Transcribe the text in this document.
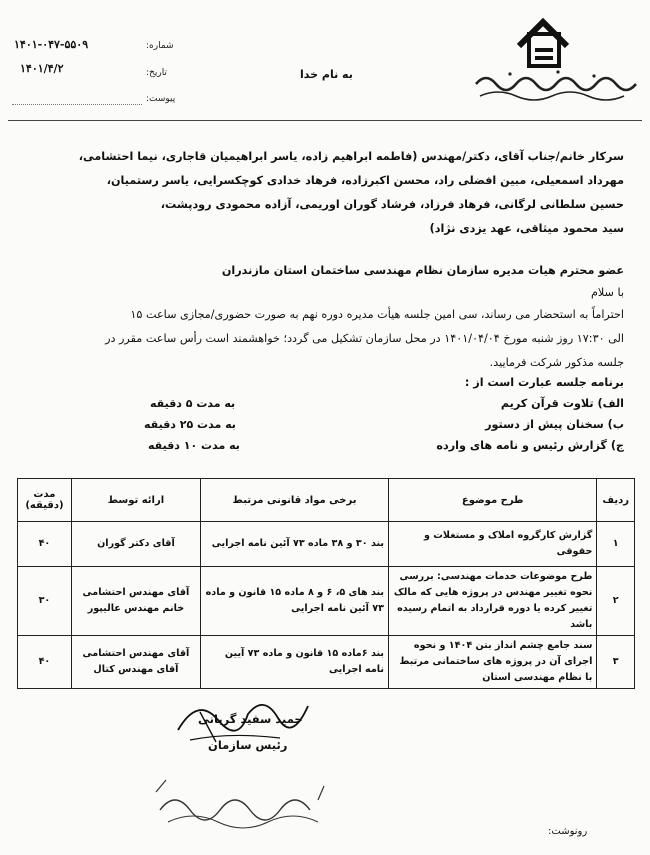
شماره:
۱۴۰۱-۰۴۷-۵۵۰۹
تاریخ:
۱۴۰۱/۴/۲
پیوست:
به نام خدا
سرکار خانم/جناب آقای، دکتر/مهندس (فاطمه ابراهیم زاده، یاسر ابراهیمیان قاجاری، نیما احتشامی،
مهرداد اسمعیلی، مبین افضلی راد، محسن اکبرزاده، فرهاد خدادی کوچکسرایی، یاسر رستمیان،
حسین سلطانی لرگانی، فرهاد فرزاد، فرشاد گوران اوریمی، آزاده محمودی رودپشت،
سید محمود میثاقی، عهد یزدی نژاد)
عضو محترم هیات مدیره سازمان نظام مهندسی ساختمان استان مازندران
با سلام
احتراماً به استحضار می رساند، سی امین جلسه هیأت مدیره دوره نهم به صورت حضوری/مجازی ساعت ۱۵
الی ۱۷:۳۰ روز شنبه مورخ ۱۴۰۱/۰۴/۰۴ در محل سازمان تشکیل می گردد؛ خواهشمند است رأس ساعت مقرر در
جلسه مذکور شرکت فرمایید.
برنامه جلسه عبارت است از :
الف) تلاوت قرآن کریم
به مدت ۵ دقیقه
ب) سخنان پیش از دستور
به مدت ۲۵ دقیقه
ج) گزارش رئیس و نامه های وارده
به مدت ۱۰ دقیقه
ردیف	طرح موضوع	برخی مواد قانونی مرتبط	ارائه توسط	مدت (دقیقه)
۱	گزارش کارگروه املاک و مستغلات و حقوقی	بند ۳۰ و ۳۸ ماده ۷۳ آئین نامه اجرایی	آقای دکتر گوران	۴۰
۲	طرح موضوعات خدمات مهندسی: بررسی نحوه تغییر مهندس در پروژه هایی که مالک تغییر کرده یا دوره قرارداد به اتمام رسیده باشد	بند های ۵، ۶ و ۸ ماده ۱۵ قانون و ماده ۷۳ آئین نامه اجرایی	آقای مهندس احتشامی خانم مهندس عالیپور	۳۰
۳	سند جامع چشم انداز بتن ۱۴۰۴ و نحوه اجرای آن در پروژه های ساختمانی مرتبط با نظام مهندسی استان	بند ۶ماده ۱۵ قانون و ماده ۷۳ آیین نامه اجرایی	آقای مهندس احتشامی آقای مهندس کتال	۴۰
حمید سفید گربانی
رئیس سازمان
رونوشت:
